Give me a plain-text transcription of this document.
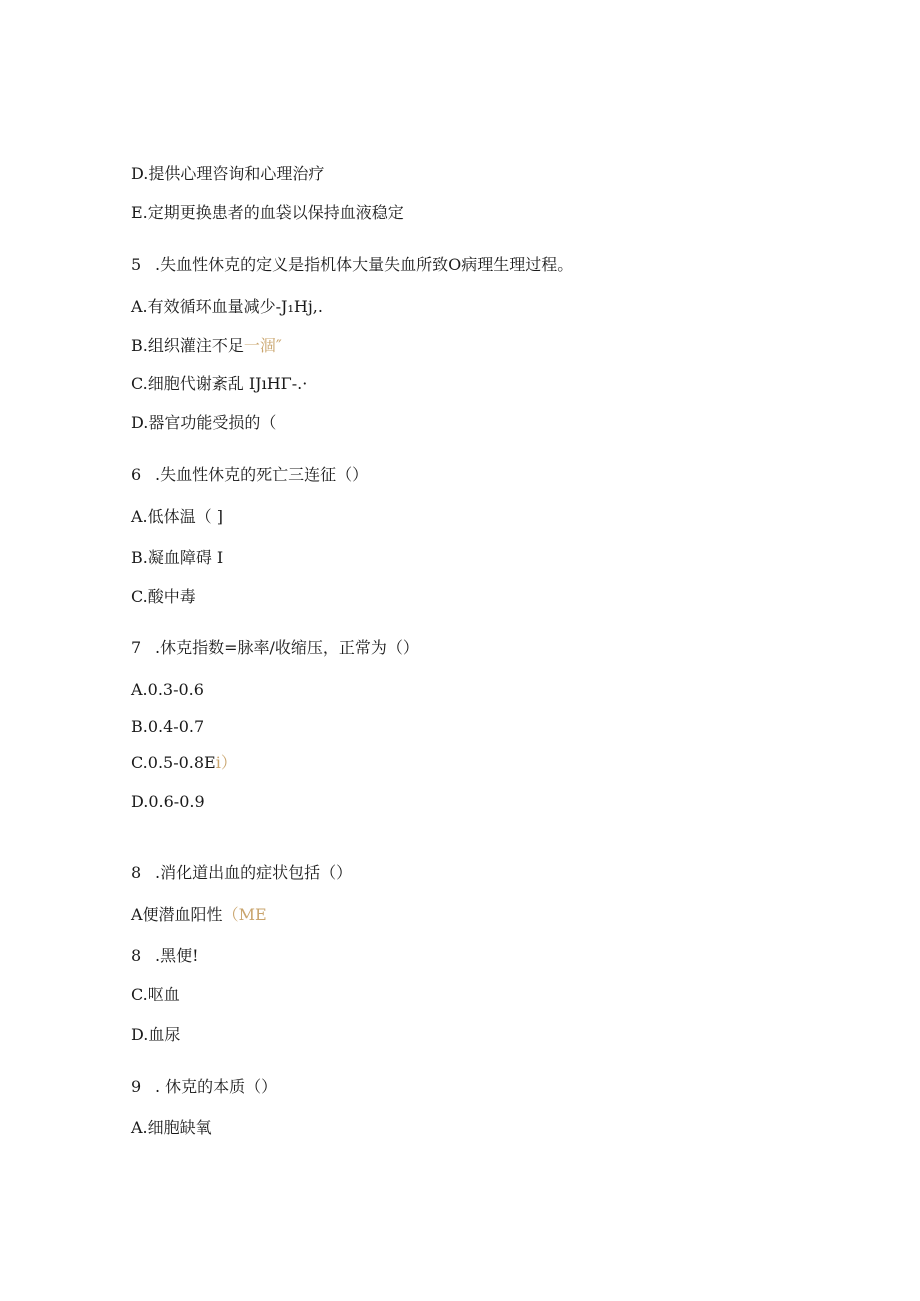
D.提供心理咨询和心理治疗
E.定期更换患者的血袋以保持血液稳定
5 .失血性休克的定义是指机体大量失血所致O病理生理过程。
A.有效循环血量减少-J₁Hj,.
B.组织灌注不足一涸″
C.细胞代谢紊乱 IJıHΓ-.·
D.器官功能受损的（
6 .失血性休克的死亡三连征（）
A.低体温（ ]
B.凝血障碍 I
C.酸中毒
7 .休克指数=脉率/收缩压，正常为（）
A.0.3-0.6
B.0.4-0.7
C.0.5-0.8Ei）
D.0.6-0.9
8 .消化道出血的症状包括（）
A便潜血阳性（ME
8 .黑便!
C.呕血
D.血尿
9 . 休克的本质（）
A.细胞缺氧
